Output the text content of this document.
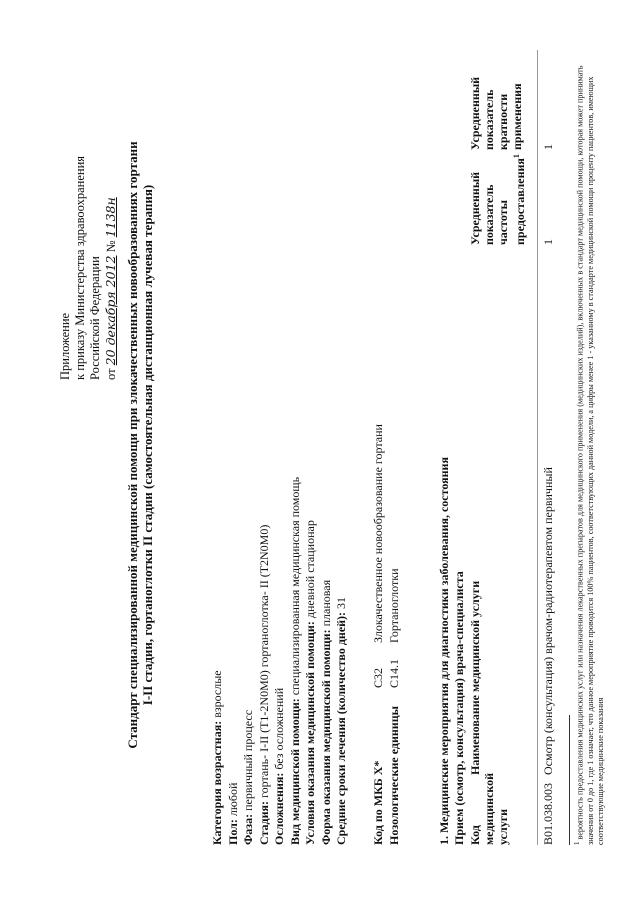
Приложение к приказу Министерства здравоохранения Российской Федерации от 20 декабря 2012 № 1138н Стандарт специализированной медицинской помощи при злокачественных новообразованиях гортани I-II стадии, гортаноглотки II стадии (самостоятельная дистанционная лучевая терапия)
Категория возрастная: взрослые
Пол: любой
Фаза: первичный процесс
Стадия: гортань- I-II (T1-2N0M0) гортаноглотка- II (T2N0M0)
Осложнения: без осложнений Вид медицинской помощи: специализированная медицинская помощь
Условия оказания медицинской помощи: дневной стационар
Форма оказания медицинской помощи: плановая
Средние сроки лечения (количество дней): 31
Код по МКБ X*
C32
Злокачественное новообразование гортани
Нозологические единицы
C14.1
Гортаноглотки	1. Медицинские мероприятия для диагностики заболевания, состояния Прием (осмотр, консультация) врача-специалиста Код медицинской услуги
Наименование медицинской услуги
Усредненный показатель частоты предоставления$^1$
Усредненный показатель кратности применения
B01.038.003
Осмотр (консультация) врачом-радиотерапевтом первичный
1
1
$^1$ вероятность предоставления медицинских услуг или назначения лекарственных препаратов для медицинского применения (медицинских изделий), включенных в стандарт медицинской помощи, которая может принимать значения от 0 до 1, где 1 означает, что данное мероприятие проводится 100% пациентов, соответствующих данной модели, а цифры менее 1 - указанному в стандарте медицинской помощи проценту пациентов, имеющих соответствующие медицинские показания
